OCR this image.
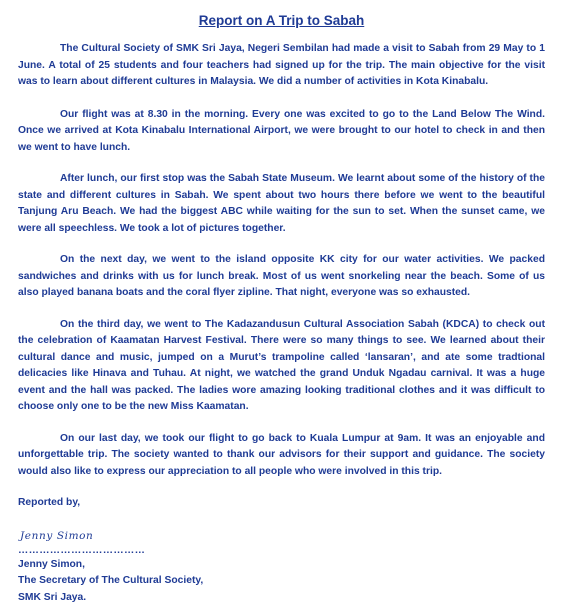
Report on A Trip to Sabah

The Cultural Society of SMK Sri Jaya, Negeri Sembilan had made a visit to Sabah from 29 May to 1 June. A total of 25 students and four teachers had signed up for the trip. The main objective for the visit was to learn about different cultures in Malaysia. We did a number of activities in Kota Kinabalu.

Our flight was at 8.30 in the morning. Every one was excited to go to the Land Below The Wind. Once we arrived at Kota Kinabalu International Airport, we were brought to our hotel to check in and then we went to have lunch.

After lunch, our first stop was the Sabah State Museum. We learnt about some of the history of the state and different cultures in Sabah. We spent about two hours there before we went to the beautiful Tanjung Aru Beach. We had the biggest ABC while waiting for the sun to set. When the sunset came, we were all speechless. We took a lot of pictures together.

On the next day, we went to the island opposite KK city for our water activities. We packed sandwiches and drinks with us for lunch break. Most of us went snorkeling near the beach. Some of us also played banana boats and the coral flyer zipline. That night, everyone was so exhausted.

On the third day, we went to The Kadazandusun Cultural Association Sabah (KDCA) to check out the celebration of Kaamatan Harvest Festival. There were so many things to see. We learned about their cultural dance and music, jumped on a Murut’s trampoline called ‘lansaran’, and ate some tradtional delicacies like Hinava and Tuhau. At night, we watched the grand Unduk Ngadau carnival. It was a huge event and the hall was packed. The ladies wore amazing looking traditional clothes and it was difficult to choose only one to be the new Miss Kaamatan.

On our last day, we took our flight to go back to Kuala Lumpur at 9am. It was an enjoyable and unforgettable trip. The society wanted to thank our advisors for their support and guidance. The society would also like to express our appreciation to all people who were involved in this trip.

Reported by,

Jenny Simon
………………………………
Jenny Simon,
The Secretary of The Cultural Society,
SMK Sri Jaya.
